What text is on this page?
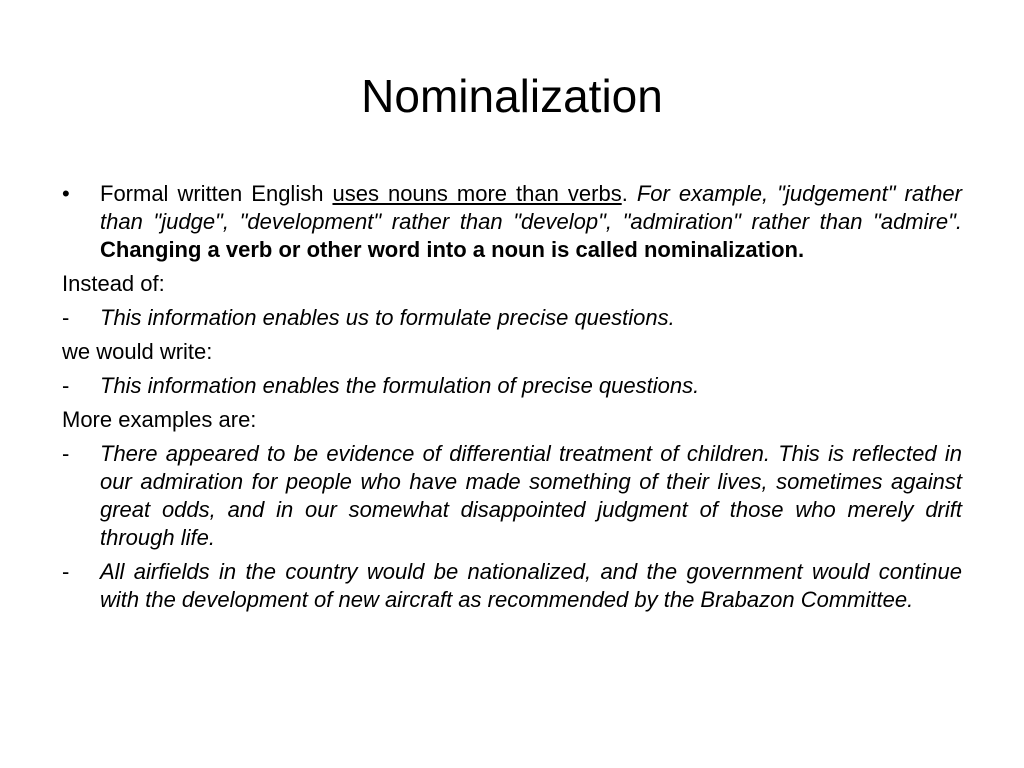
Nominalization
•	Formal written English uses nouns more than verbs. For example, "judgement" rather than "judge", "development" rather than "develop", "admiration" rather than "admire". Changing a verb or other word into a noun is called nominalization.
Instead of:
-	This information enables us to formulate precise questions.
we would write:
-	This information enables the formulation of precise questions.
More examples are:
-	There appeared to be evidence of differential treatment of children. This is reflected in our admiration for people who have made something of their lives, sometimes against great odds, and in our somewhat disappointed judgment of those who merely drift through life.
-	All airfields in the country would be nationalized, and the government would continue with the development of new aircraft as recommended by the Brabazon Committee.
